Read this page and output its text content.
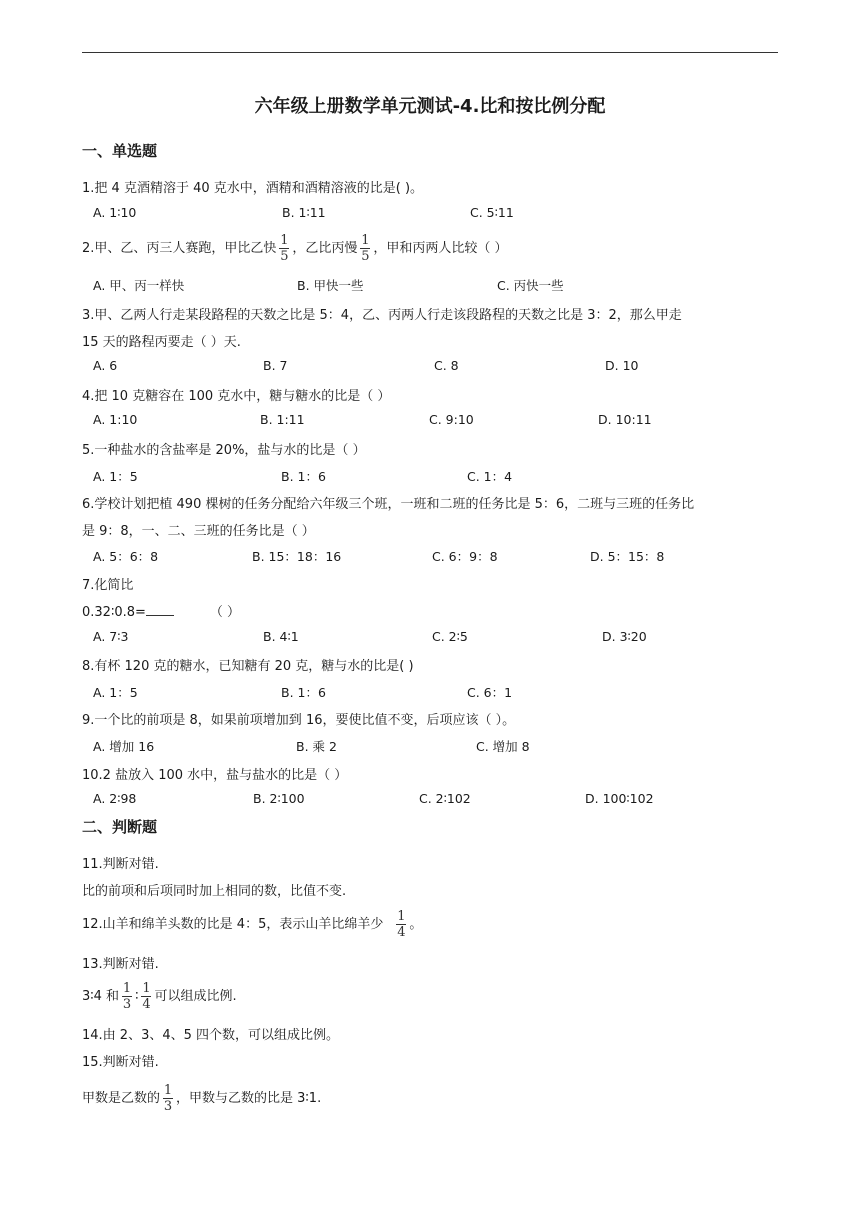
六年级上册数学单元测试-4.比和按比例分配
一、单选题
1.把 4 克酒精溶于 40 克水中，酒精和酒精溶液的比是( )。
A. 1∶10	B. 1∶11	C. 5∶11
2.甲、乙、丙三人赛跑，甲比乙快 $\frac{1}{5}$ ，乙比丙慢 $\frac{1}{5}$ ，甲和丙两人比较（ ）
A. 甲、丙一样快	B. 甲快一些	C. 丙快一些
3.甲、乙两人行走某段路程的天数之比是 5：4，乙、丙两人行走该段路程的天数之比是 3：2，那么甲走
15 天的路程丙要走（ ）天.
A. 6	B. 7	C. 8	D. 10
4.把 10 克糖容在 100 克水中，糖与糖水的比是（ ）
A. 1:10	B. 1:11	C. 9:10	D. 10:11
5.一种盐水的含盐率是 20%，盐与水的比是（ ）
A. 1：5	B. 1：6	C. 1：4
6.学校计划把植 490 棵树的任务分配给六年级三个班，一班和二班的任务比是 5：6，二班与三班的任务比
是 9：8，一、二、三班的任务比是（ ）
A. 5：6：8	B. 15：18：16	C. 6：9：8	D. 5：15：8
7.化简比
0.32∶0.8=	（ ）
A. 7∶3	B. 4∶1	C. 2∶5	D. 3∶20
8.有杯 120 克的糖水，已知糖有 20 克，糖与水的比是( )
A. 1：5	B. 1：6	C. 6：1
9.一个比的前项是 8，如果前项增加到 16，要使比值不变，后项应该（ ）。
A. 增加 16	B. 乘 2	C. 增加 8
10.2 盐放入 100 水中，盐与盐水的比是（ ）
A. 2∶98	B. 2∶100	C. 2∶102	D. 100∶102
二、判断题
11.判断对错.
比的前项和后项同时加上相同的数，比值不变.
12.山羊和绵羊头数的比是 4：5，表示山羊比绵羊少 $\frac{1}{4}$ 。
13.判断对错.
3∶4 和 $\frac{1}{3}$ ∶ $\frac{1}{4}$ 可以组成比例.
14.由 2、3、4、5 四个数，可以组成比例。
15.判断对错.
甲数是乙数的 $\frac{1}{3}$ ，甲数与乙数的比是 3∶1.
